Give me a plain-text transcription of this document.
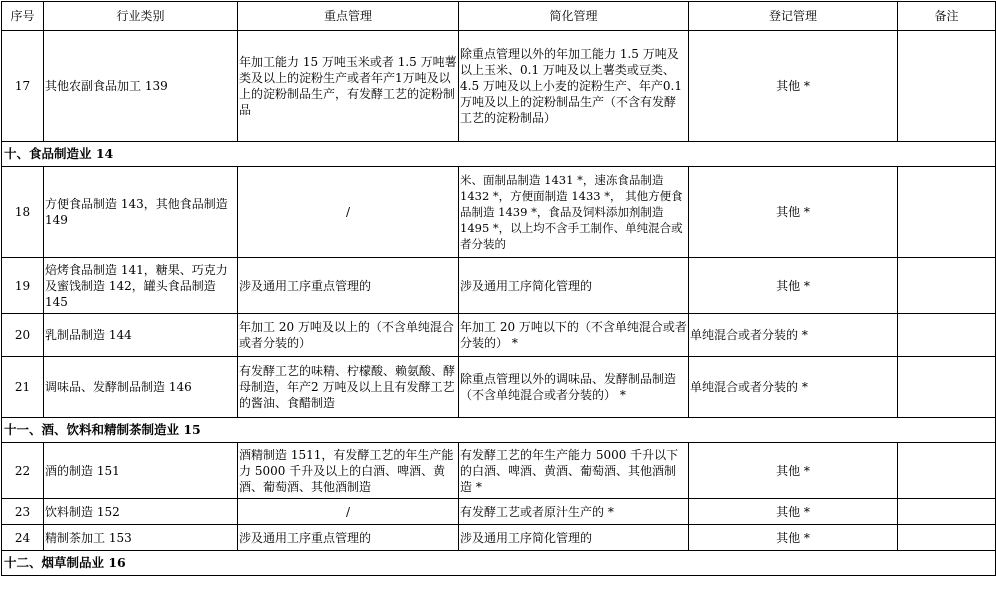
序号	行业类别	重点管理	简化管理	登记管理	备注
17	其他农副食品加工 139	年加工能力 15 万吨玉米或者 1.5 万吨薯类及以上的淀粉生产或者年产1万吨及以上的淀粉制品生产，有发酵工艺的淀粉制品	除重点管理以外的年加工能力 1.5 万吨及以上玉米、0.1 万吨及以上薯类或豆类、4.5 万吨及以上小麦的淀粉生产、年产0.1 万吨及以上的淀粉制品生产（不含有发酵工艺的淀粉制品）	其他 *	
十、食品制造业 14					
18	方便食品制造 143，其他食品制造 149	/	米、面制品制造 1431 *，速冻食品制造 1432 *，方便面制造 1433 *， 其他方便食品制造 1439 *，食品及饲料添加剂制造 1495 *，以上均不含手工制作、单纯混合或者分装的	其他 *	
19	焙烤食品制造 141，糖果、巧克力及蜜饯制造 142，罐头食品制造 145	涉及通用工序重点管理的	涉及通用工序简化管理的	其他 *	
20	乳制品制造 144	年加工 20 万吨及以上的（不含单纯混合或者分装的）	年加工 20 万吨以下的（不含单纯混合或者分装的） *	单纯混合或者分装的 *	
21	调味品、发酵制品制造 146	有发酵工艺的味精、柠檬酸、赖氨酸、酵母制造，年产2 万吨及以上且有发酵工艺的酱油、食醋制造	除重点管理以外的调味品、发酵制品制造（不含单纯混合或者分装的） *	单纯混合或者分装的 *	
十一、酒、饮料和精制茶制造业 15					
22	酒的制造 151	酒精制造 1511，有发酵工艺的年生产能力 5000 千升及以上的白酒、啤酒、黄酒、葡萄酒、其他酒制造	有发酵工艺的年生产能力 5000 千升以下的白酒、啤酒、黄酒、葡萄酒、其他酒制造 *	其他 *	
23	饮料制造 152	/	有发酵工艺或者原汁生产的 *	其他 *	
24	精制茶加工 153	涉及通用工序重点管理的	涉及通用工序简化管理的	其他 *	
十二、烟草制品业 16					
